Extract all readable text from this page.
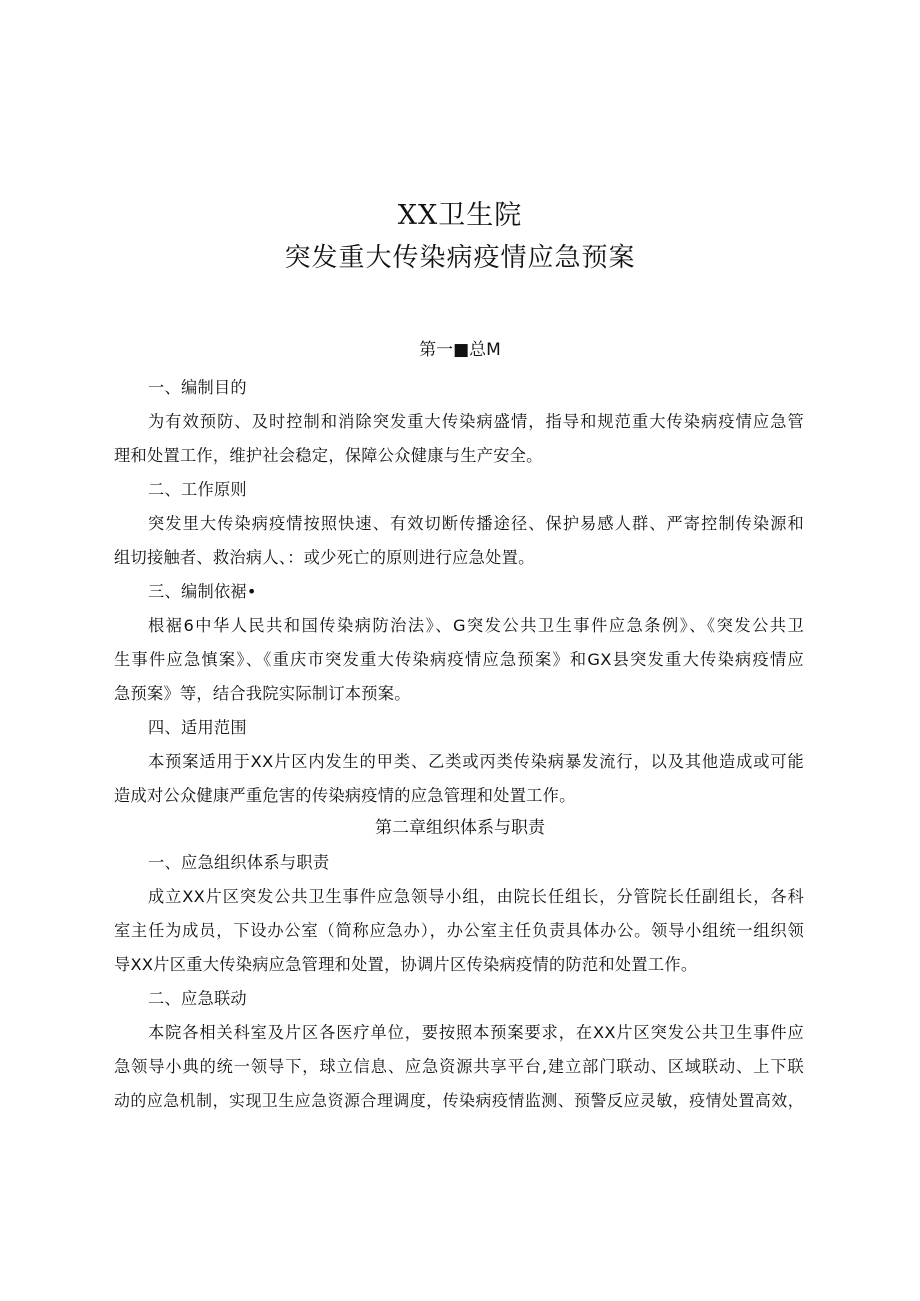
XX卫生院
突发重大传染病疫情应急预案
第一■总M
一、编制目的
为有效预防、及时控制和消除突发重大传染病盛情，指导和规范重大传染病疫情应急管
理和处置工作，维护社会稳定，保障公众健康与生产安全。
二、工作原则
突发里大传染病疫情按照快速、有效切断传播途径、保护易感人群、严寄控制传染源和
组切接触者、救治病人、：或少死亡的原则进行应急处置。
三、编制依裾•
根裾6中华人民共和国传染病防治法》、G突发公共卫生事件应急条例》、《突发公共卫
生事件应急慎案》、《重庆市突发重大传染病疫情应急预案》和GX县突发重大传染病疫情应
急预案》等，结合我院实际制订本预案。
四、适用范围
本预案适用于XX片区内发生的甲类、乙类或丙类传染病暴发流行，以及其他造成或可能
造成对公众健康严重危害的传染病疫情的应急管理和处置工作。
第二章组织体系与职责
一、应急组织体系与职责
成立XX片区突发公共卫生事件应急领导小组，由院长任组长，分管院长任副组长，各科
室主任为成员，下设办公室（简称应急办），办公室主任负责具体办公。领导小组统一组织领
导XX片区重大传染病应急管理和处置，协调片区传染病疫情的防范和处置工作。
二、应急联动
本院各相关科室及片区各医疗单位，要按照本预案要求，在XX片区突发公共卫生事件应
急领导小典的统一领导下，球立信息、应急资源共享平台,建立部门联动、区域联动、上下联
动的应急机制，实现卫生应急资源合理调度，传染病疫情监测、预警反应灵敏，疫情处置高效，
